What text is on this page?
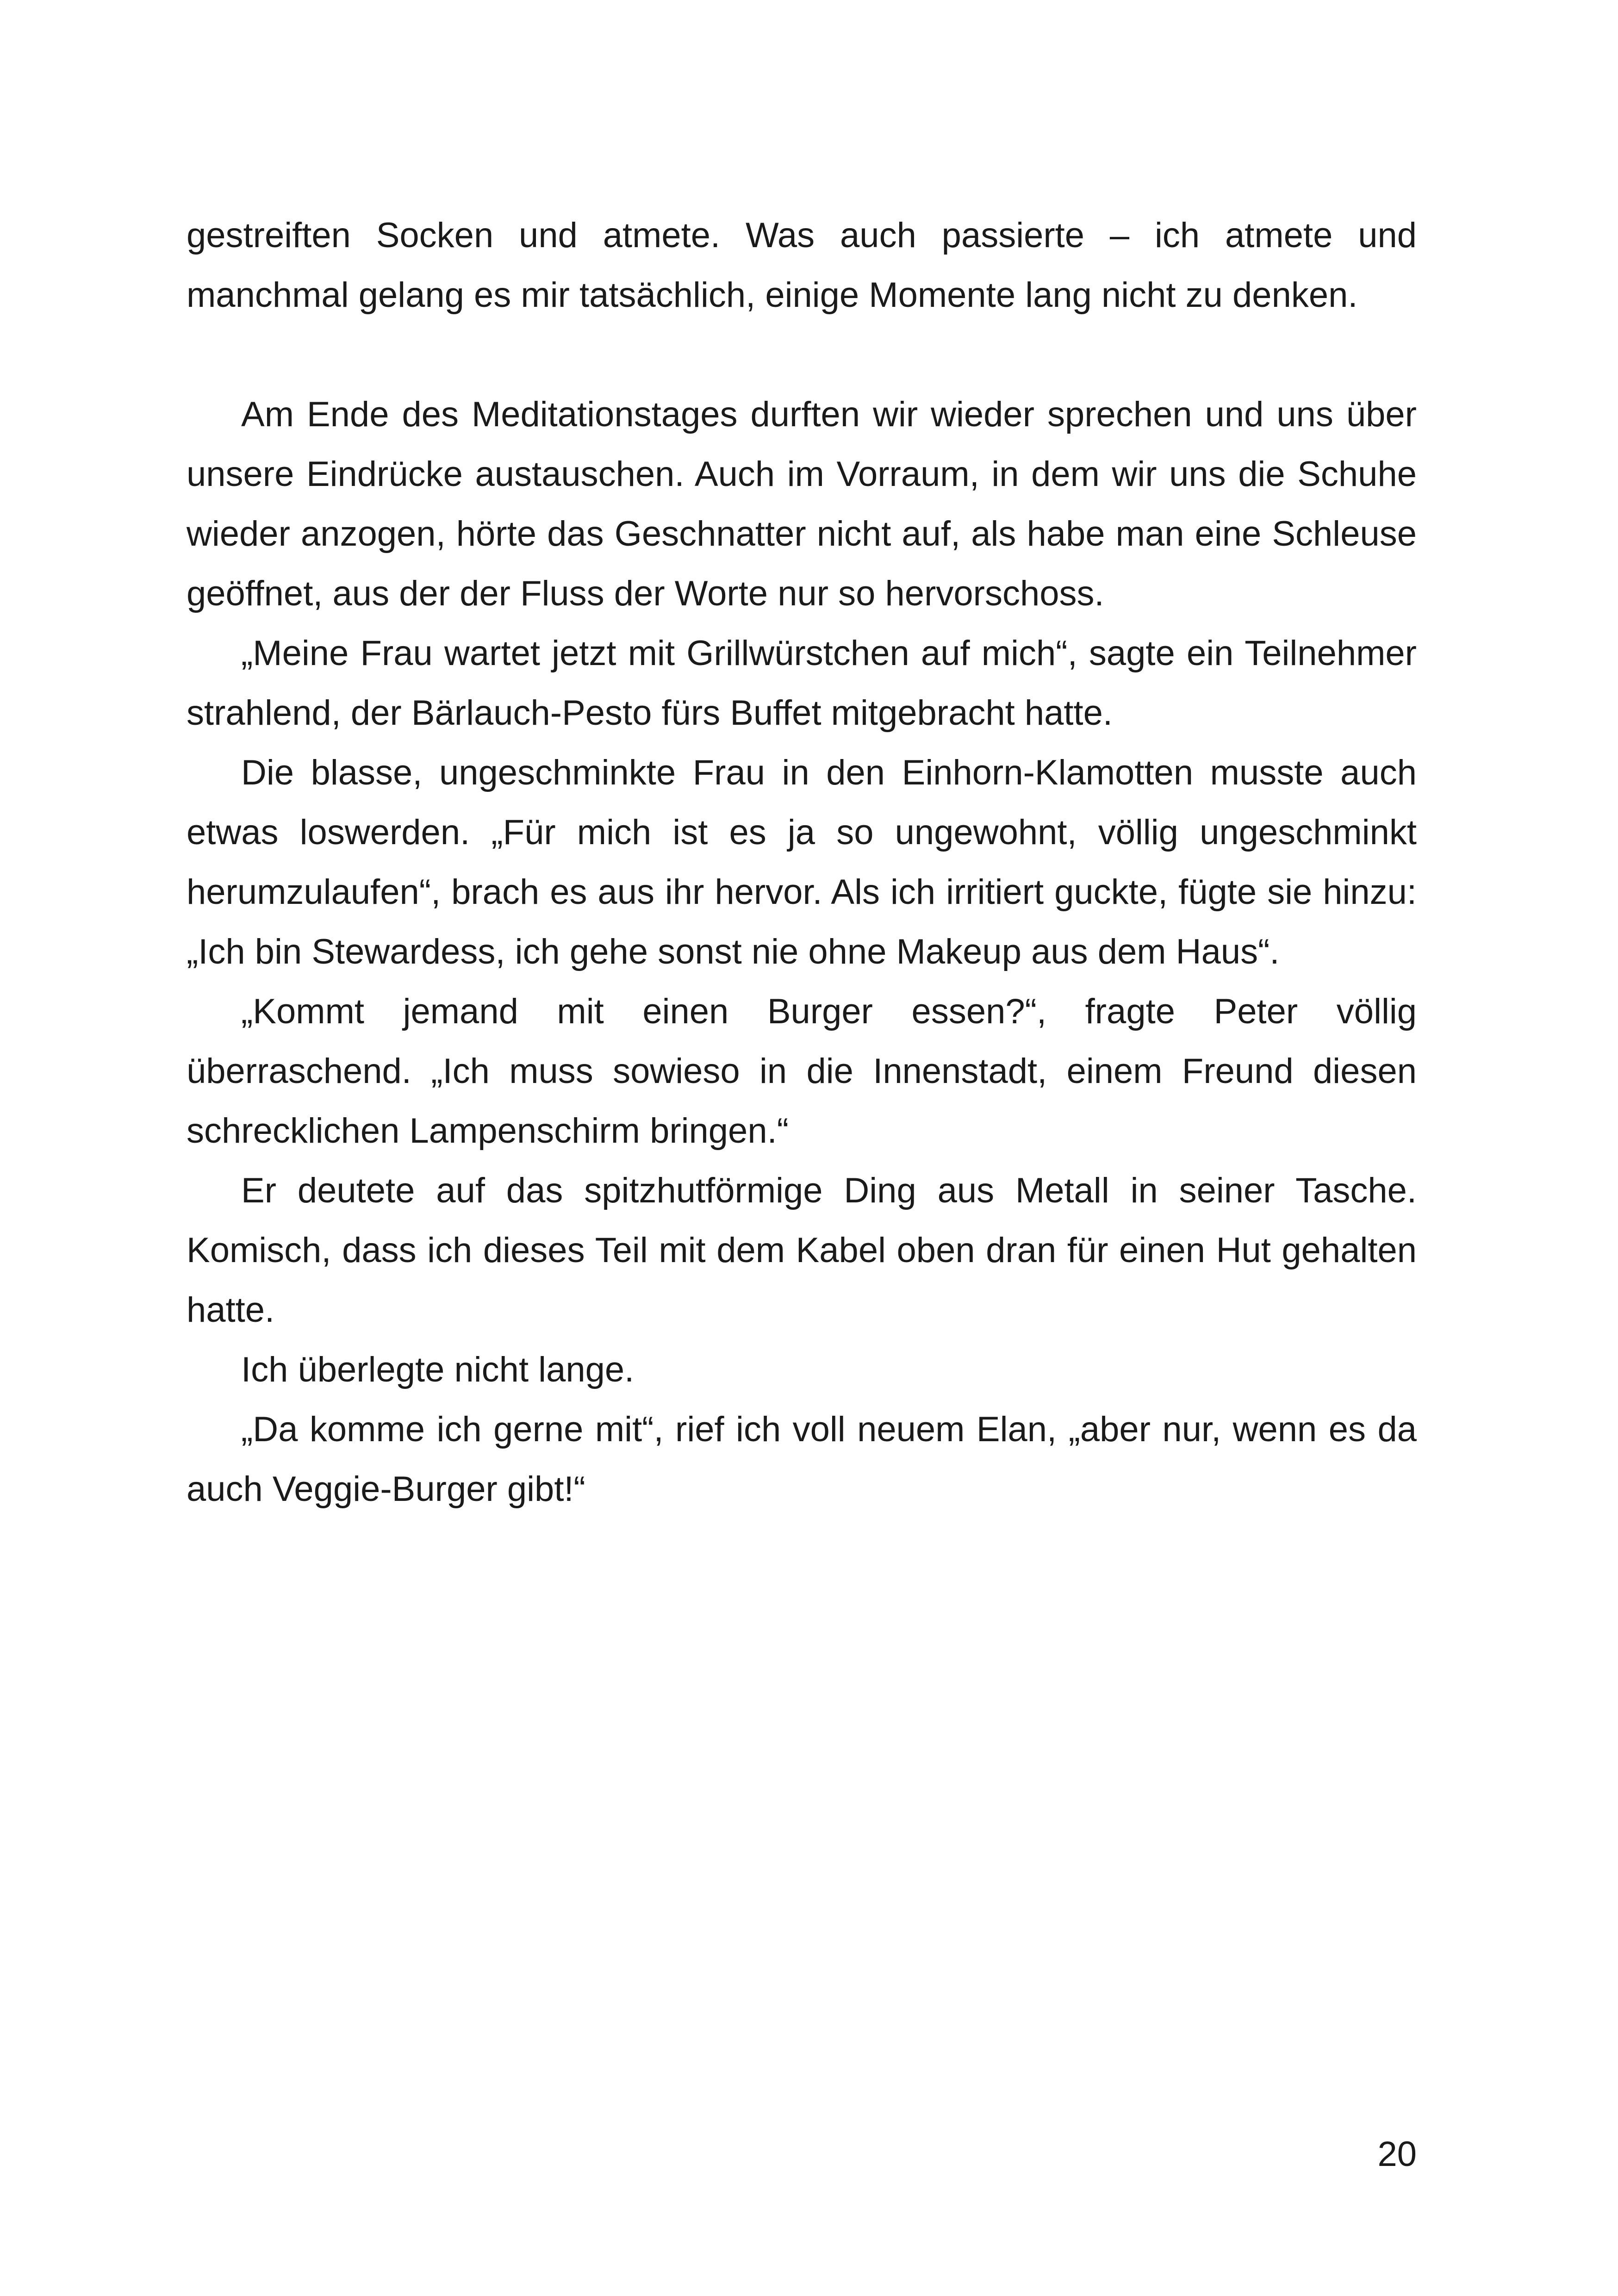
gestreiften Socken und atmete. Was auch passierte – ich atmete und manchmal gelang es mir tatsächlich, einige Momente lang nicht zu denken.

Am Ende des Meditationstages durften wir wieder sprechen und uns über unsere Eindrücke austauschen. Auch im Vorraum, in dem wir uns die Schuhe wieder anzogen, hörte das Geschnatter nicht auf, als habe man eine Schleuse geöffnet, aus der der Fluss der Worte nur so hervorschoss.

„Meine Frau wartet jetzt mit Grillwürstchen auf mich“, sagte ein Teilnehmer strahlend, der Bärlauch-Pesto fürs Buffet mitgebracht hatte.

Die blasse, ungeschminkte Frau in den Einhorn-Klamotten musste auch etwas loswerden. „Für mich ist es ja so ungewohnt, völlig ungeschminkt herumzulaufen“, brach es aus ihr hervor. Als ich irritiert guckte, fügte sie hinzu: „Ich bin Stewardess, ich gehe sonst nie ohne Makeup aus dem Haus“.

„Kommt jemand mit einen Burger essen?“, fragte Peter völlig überraschend. „Ich muss sowieso in die Innenstadt, einem Freund diesen schrecklichen Lampenschirm bringen.“

Er deutete auf das spitzhutförmige Ding aus Metall in seiner Tasche. Komisch, dass ich dieses Teil mit dem Kabel oben dran für einen Hut gehalten hatte.

Ich überlegte nicht lange.

„Da komme ich gerne mit“, rief ich voll neuem Elan, „aber nur, wenn es da auch Veggie-Burger gibt!“

20
